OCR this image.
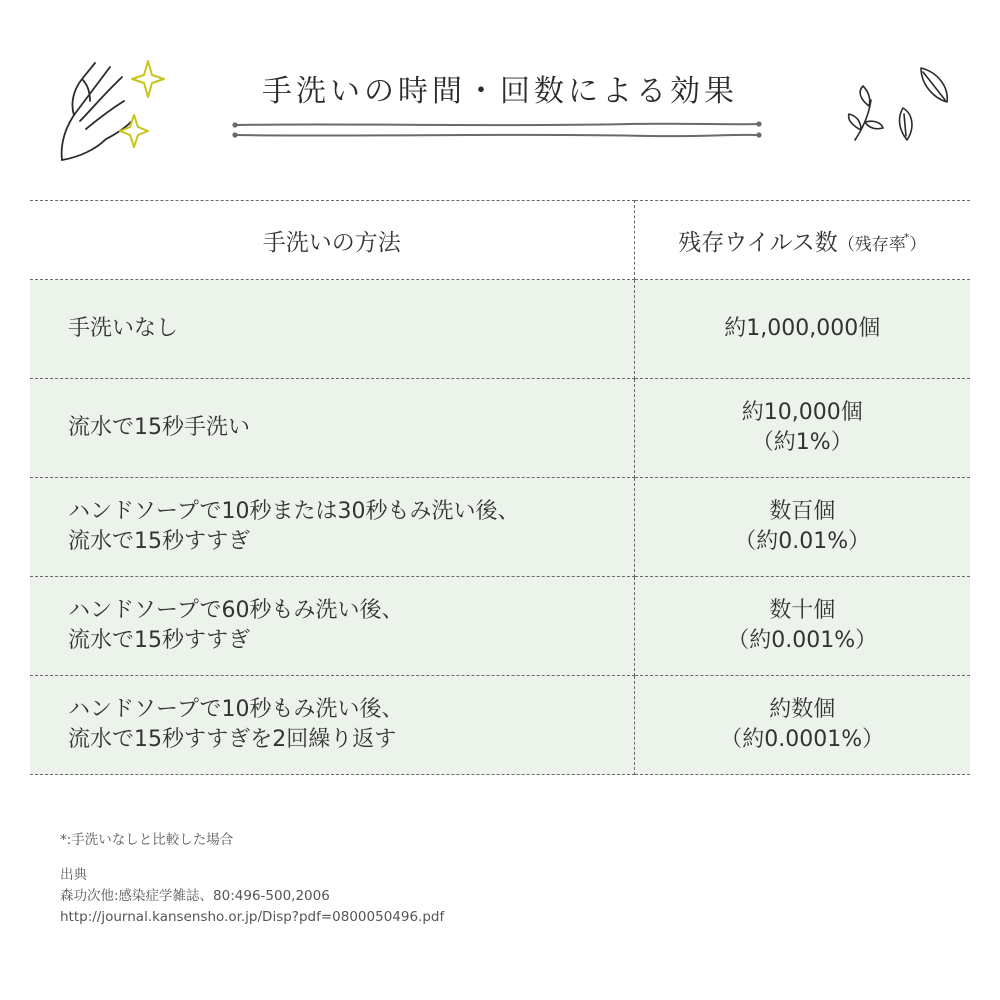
手洗いの時間・回数による効果
手洗いの方法	残存ウイルス数（残存率*）

手洗いなし	約1,000,000個

流水で15秒手洗い	約10,000個
（約1%）

ハンドソープで10秒または30秒もみ洗い後、
流水で15秒すすぎ	数百個
（約0.01%）

ハンドソープで60秒もみ洗い後、
流水で15秒すすぎ	数十個
（約0.001%）

ハンドソープで10秒もみ洗い後、
流水で15秒すすぎを2回繰り返す	約数個
（約0.0001%）
*:手洗いなしと比較した場合
出典
森功次他:感染症学雑誌、80:496-500,2006
http://journal.kansensho.or.jp/Disp?pdf=0800050496.pdf
